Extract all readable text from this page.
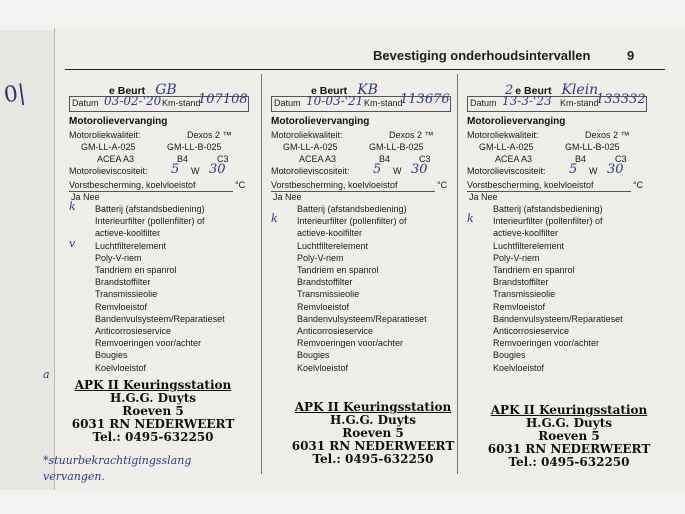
0|
Bevestiging onderhoudsintervallen	9
e Beurt GB
Datum 03-02-'20 Km-stand
107108
Motorolievervanging
Motoroliekwaliteit:	Dexos 2 ™
GM-LL-A-025	GM-LL-B-025
ACEA A3	B4	C3
Motorolieviscositeit:	W
Vorstbescherming, koelvloeistof	°C
Ja Nee
5 30
Batterij (afstandsbediening)
Interieurfilter (pollenfilter) of
actieve-koolfilter
Luchtfilterelement
Poly-V-riem
Tandriem en spanrol
Brandstoffilter
Transmissieolie
Remvloeistof
Bandenvulsysteem/Reparatieset
Anticorrosieservice
Remvoeringen voor/achter
Bougies
Koelvloeistof
k
v
APK II Keuringsstation
H.G.G. Duyts
Roeven 5
6031 RN NEDERWEERT
Tel.: 0495-632250
a
*stuurbekrachtigingsslang
vervangen.
e Beurt KB
Datum 10-03-'21 Km-stand
113676
Motorolievervanging
Motoroliekwaliteit:	Dexos 2 ™
GM-LL-A-025	GM-LL-B-025
ACEA A3	B4	C3
Motorolieviscositeit:	W
Vorstbescherming, koelvloeistof	°C
Ja Nee
5 30
Batterij (afstandsbediening)
Interieurfilter (pollenfilter) of
actieve-koolfilter
Luchtfilterelement
Poly-V-riem
Tandriem en spanrol
Brandstoffilter
Transmissieolie
Remvloeistof
Bandenvulsysteem/Reparatieset
Anticorrosieservice
Remvoeringen voor/achter
Bougies
Koelvloeistof
k
APK II Keuringsstation
H.G.G. Duyts
Roeven 5
6031 RN NEDERWEERT
Tel.: 0495-632250
2 e Beurt Klein
Datum 13-3-'23 Km-stand
133332
Motorolievervanging
Motoroliekwaliteit:	Dexos 2 ™
GM-LL-A-025	GM-LL-B-025
ACEA A3	B4	C3
Motorolieviscositeit:	W
Vorstbescherming, koelvloeistof	°C
Ja Nee
5 30
Batterij (afstandsbediening)
Interieurfilter (pollenfilter) of
actieve-koolfilter
Luchtfilterelement
Poly-V-riem
Tandriem en spanrol
Brandstoffilter
Transmissieolie
Remvloeistof
Bandenvulsysteem/Reparatieset
Anticorrosieservice
Remvoeringen voor/achter
Bougies
Koelvloeistof
k
APK II Keuringsstation
H.G.G. Duyts
Roeven 5
6031 RN NEDERWEERT
Tel.: 0495-632250
